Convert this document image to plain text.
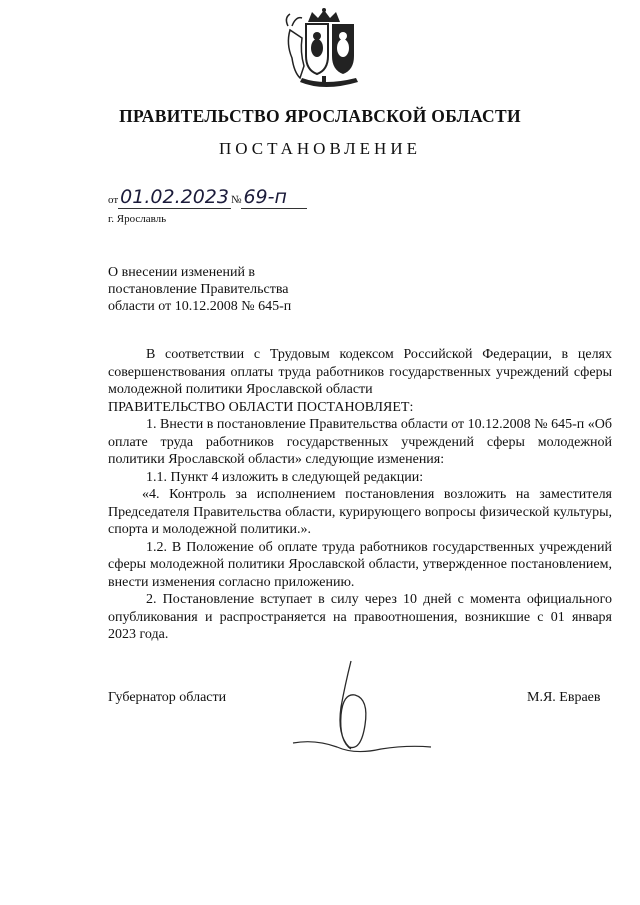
ПРАВИТЕЛЬСТВО ЯРОСЛАВСКОЙ ОБЛАСТИ
ПОСТАНОВЛЕНИЕ
от 01.02.2023 № 69-п
г. Ярославль
О внесении изменений в
постановление Правительства
области от 10.12.2008 № 645-п

В соответствии с Трудовым кодексом Российской Федерации, в целях совершенствования оплаты труда работников государственных учреждений сферы молодежной политики Ярославской области

ПРАВИТЕЛЬСТВО ОБЛАСТИ ПОСТАНОВЛЯЕТ:

1. Внести в постановление Правительства области от 10.12.2008 № 645-п «Об оплате труда работников государственных учреждений сферы молодежной политики Ярославской области» следующие изменения:

1.1. Пункт 4 изложить в следующей редакции:

«4. Контроль за исполнением постановления возложить на заместителя Председателя Правительства области, курирующего вопросы физической культуры, спорта и молодежной политики.».

1.2. В Положение об оплате труда работников государственных учреждений сферы молодежной политики Ярославской области, утвержденное постановлением, внести изменения согласно приложению.

2. Постановление вступает в силу через 10 дней с момента официального опубликования и распространяется на правоотношения, возникшие с 01 января 2023 года.

Губернатор области	М.Я. Евраев
